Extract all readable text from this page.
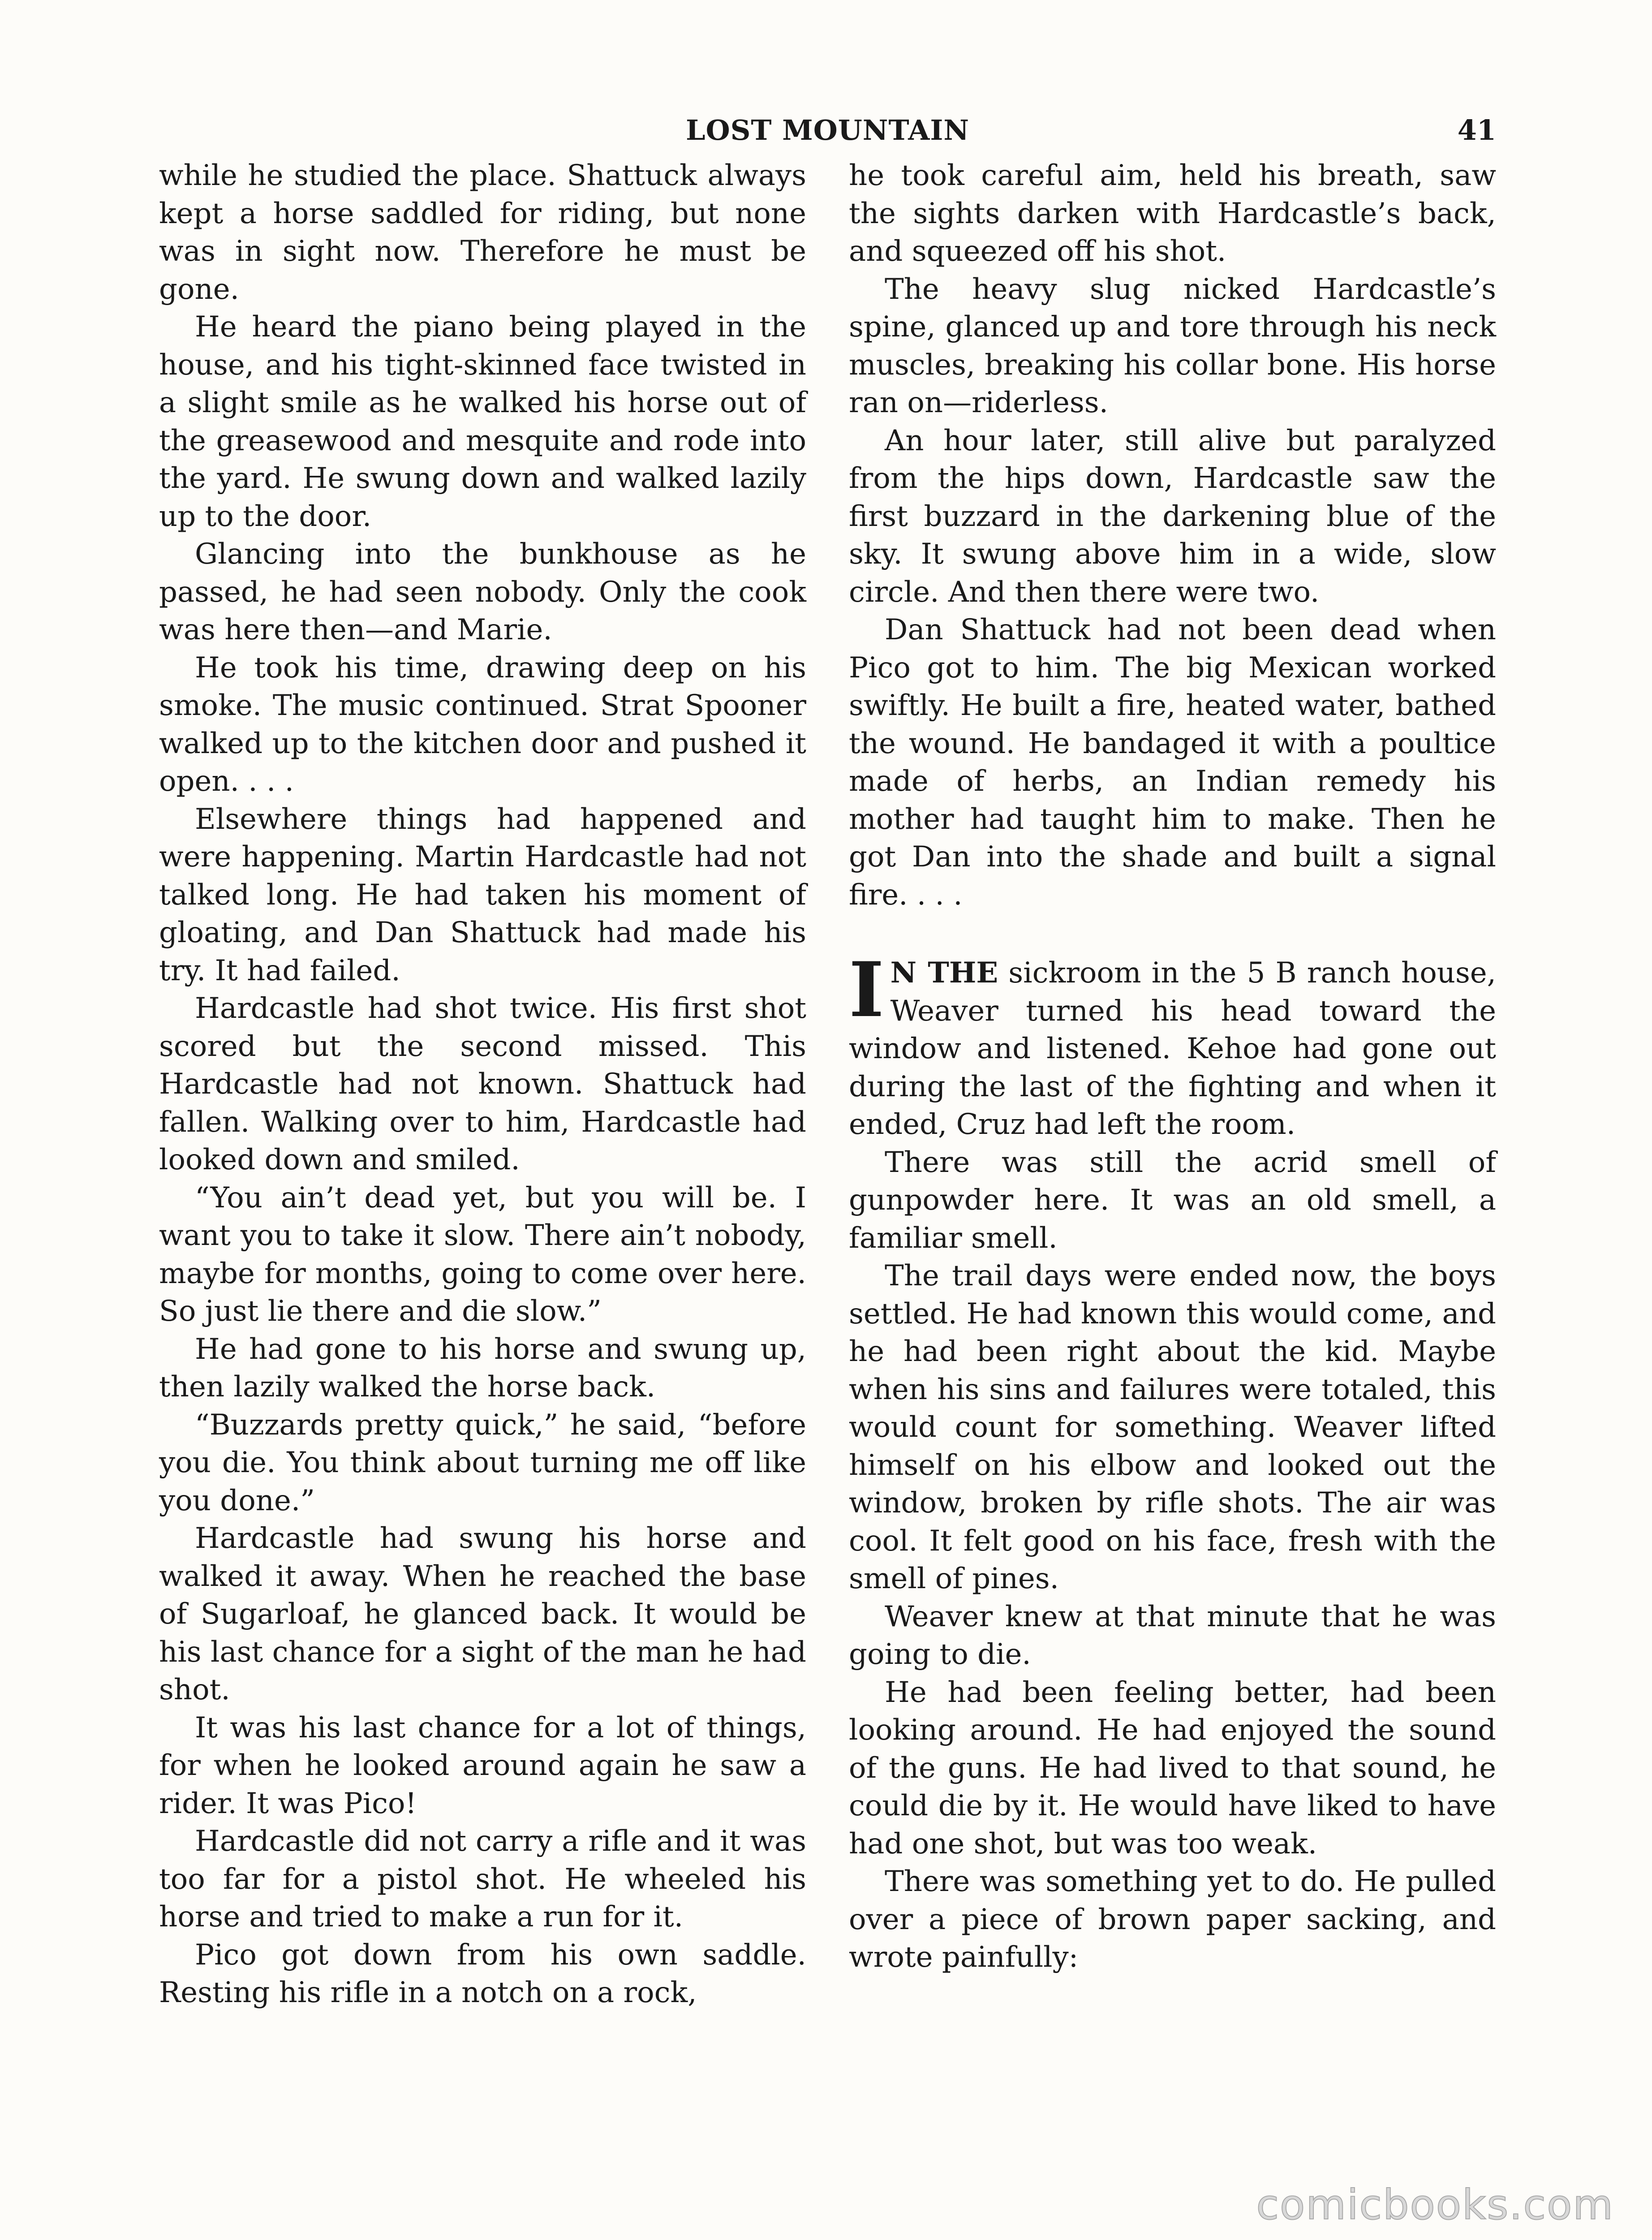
LOST MOUNTAIN	41

while he studied the place. Shattuck always kept a horse saddled for riding, but none was in sight now. Therefore he must be gone.

He heard the piano being played in the house, and his tight-skinned face twisted in a slight smile as he walked his horse out of the greasewood and mesquite and rode into the yard. He swung down and walked lazily up to the door.

Glancing into the bunkhouse as he passed, he had seen nobody. Only the cook was here then—and Marie.

He took his time, drawing deep on his smoke. The music continued. Strat Spooner walked up to the kitchen door and pushed it open. . . .

Elsewhere things had happened and were happening. Martin Hardcastle had not talked long. He had taken his moment of gloating, and Dan Shattuck had made his try. It had failed.

Hardcastle had shot twice. His first shot scored but the second missed. This Hardcastle had not known. Shattuck had fallen. Walking over to him, Hardcastle had looked down and smiled.

“You ain’t dead yet, but you will be. I want you to take it slow. There ain’t nobody, maybe for months, going to come over here. So just lie there and die slow.”

He had gone to his horse and swung up, then lazily walked the horse back.

“Buzzards pretty quick,” he said, “before you die. You think about turning me off like you done.”

Hardcastle had swung his horse and walked it away. When he reached the base of Sugarloaf, he glanced back. It would be his last chance for a sight of the man he had shot.

It was his last chance for a lot of things, for when he looked around again he saw a rider. It was Pico!

Hardcastle did not carry a rifle and it was too far for a pistol shot. He wheeled his horse and tried to make a run for it.

Pico got down from his own saddle. Resting his rifle in a notch on a rock,

he took careful aim, held his breath, saw the sights darken with Hardcastle’s back, and squeezed off his shot.

The heavy slug nicked Hardcastle’s spine, glanced up and tore through his neck muscles, breaking his collar bone. His horse ran on—riderless.

An hour later, still alive but paralyzed from the hips down, Hardcastle saw the first buzzard in the darkening blue of the sky. It swung above him in a wide, slow circle. And then there were two.

Dan Shattuck had not been dead when Pico got to him. The big Mexican worked swiftly. He built a fire, heated water, bathed the wound. He bandaged it with a poultice made of herbs, an Indian remedy his mother had taught him to make. Then he got Dan into the shade and built a signal fire. . . .

I N THE sickroom in the 5 B ranch house, Weaver turned his head toward the window and listened. Kehoe had gone out during the last of the fighting and when it ended, Cruz had left the room.

There was still the acrid smell of gunpowder here. It was an old smell, a familiar smell.

The trail days were ended now, the boys settled. He had known this would come, and he had been right about the kid. Maybe when his sins and failures were totaled, this would count for something. Weaver lifted himself on his elbow and looked out the window, broken by rifle shots. The air was cool. It felt good on his face, fresh with the smell of pines.

Weaver knew at that minute that he was going to die.

He had been feeling better, had been looking around. He had enjoyed the sound of the guns. He had lived to that sound, he could die by it. He would have liked to have had one shot, but was too weak.

There was something yet to do. He pulled over a piece of brown paper sacking, and wrote painfully:

comicbooks.com
